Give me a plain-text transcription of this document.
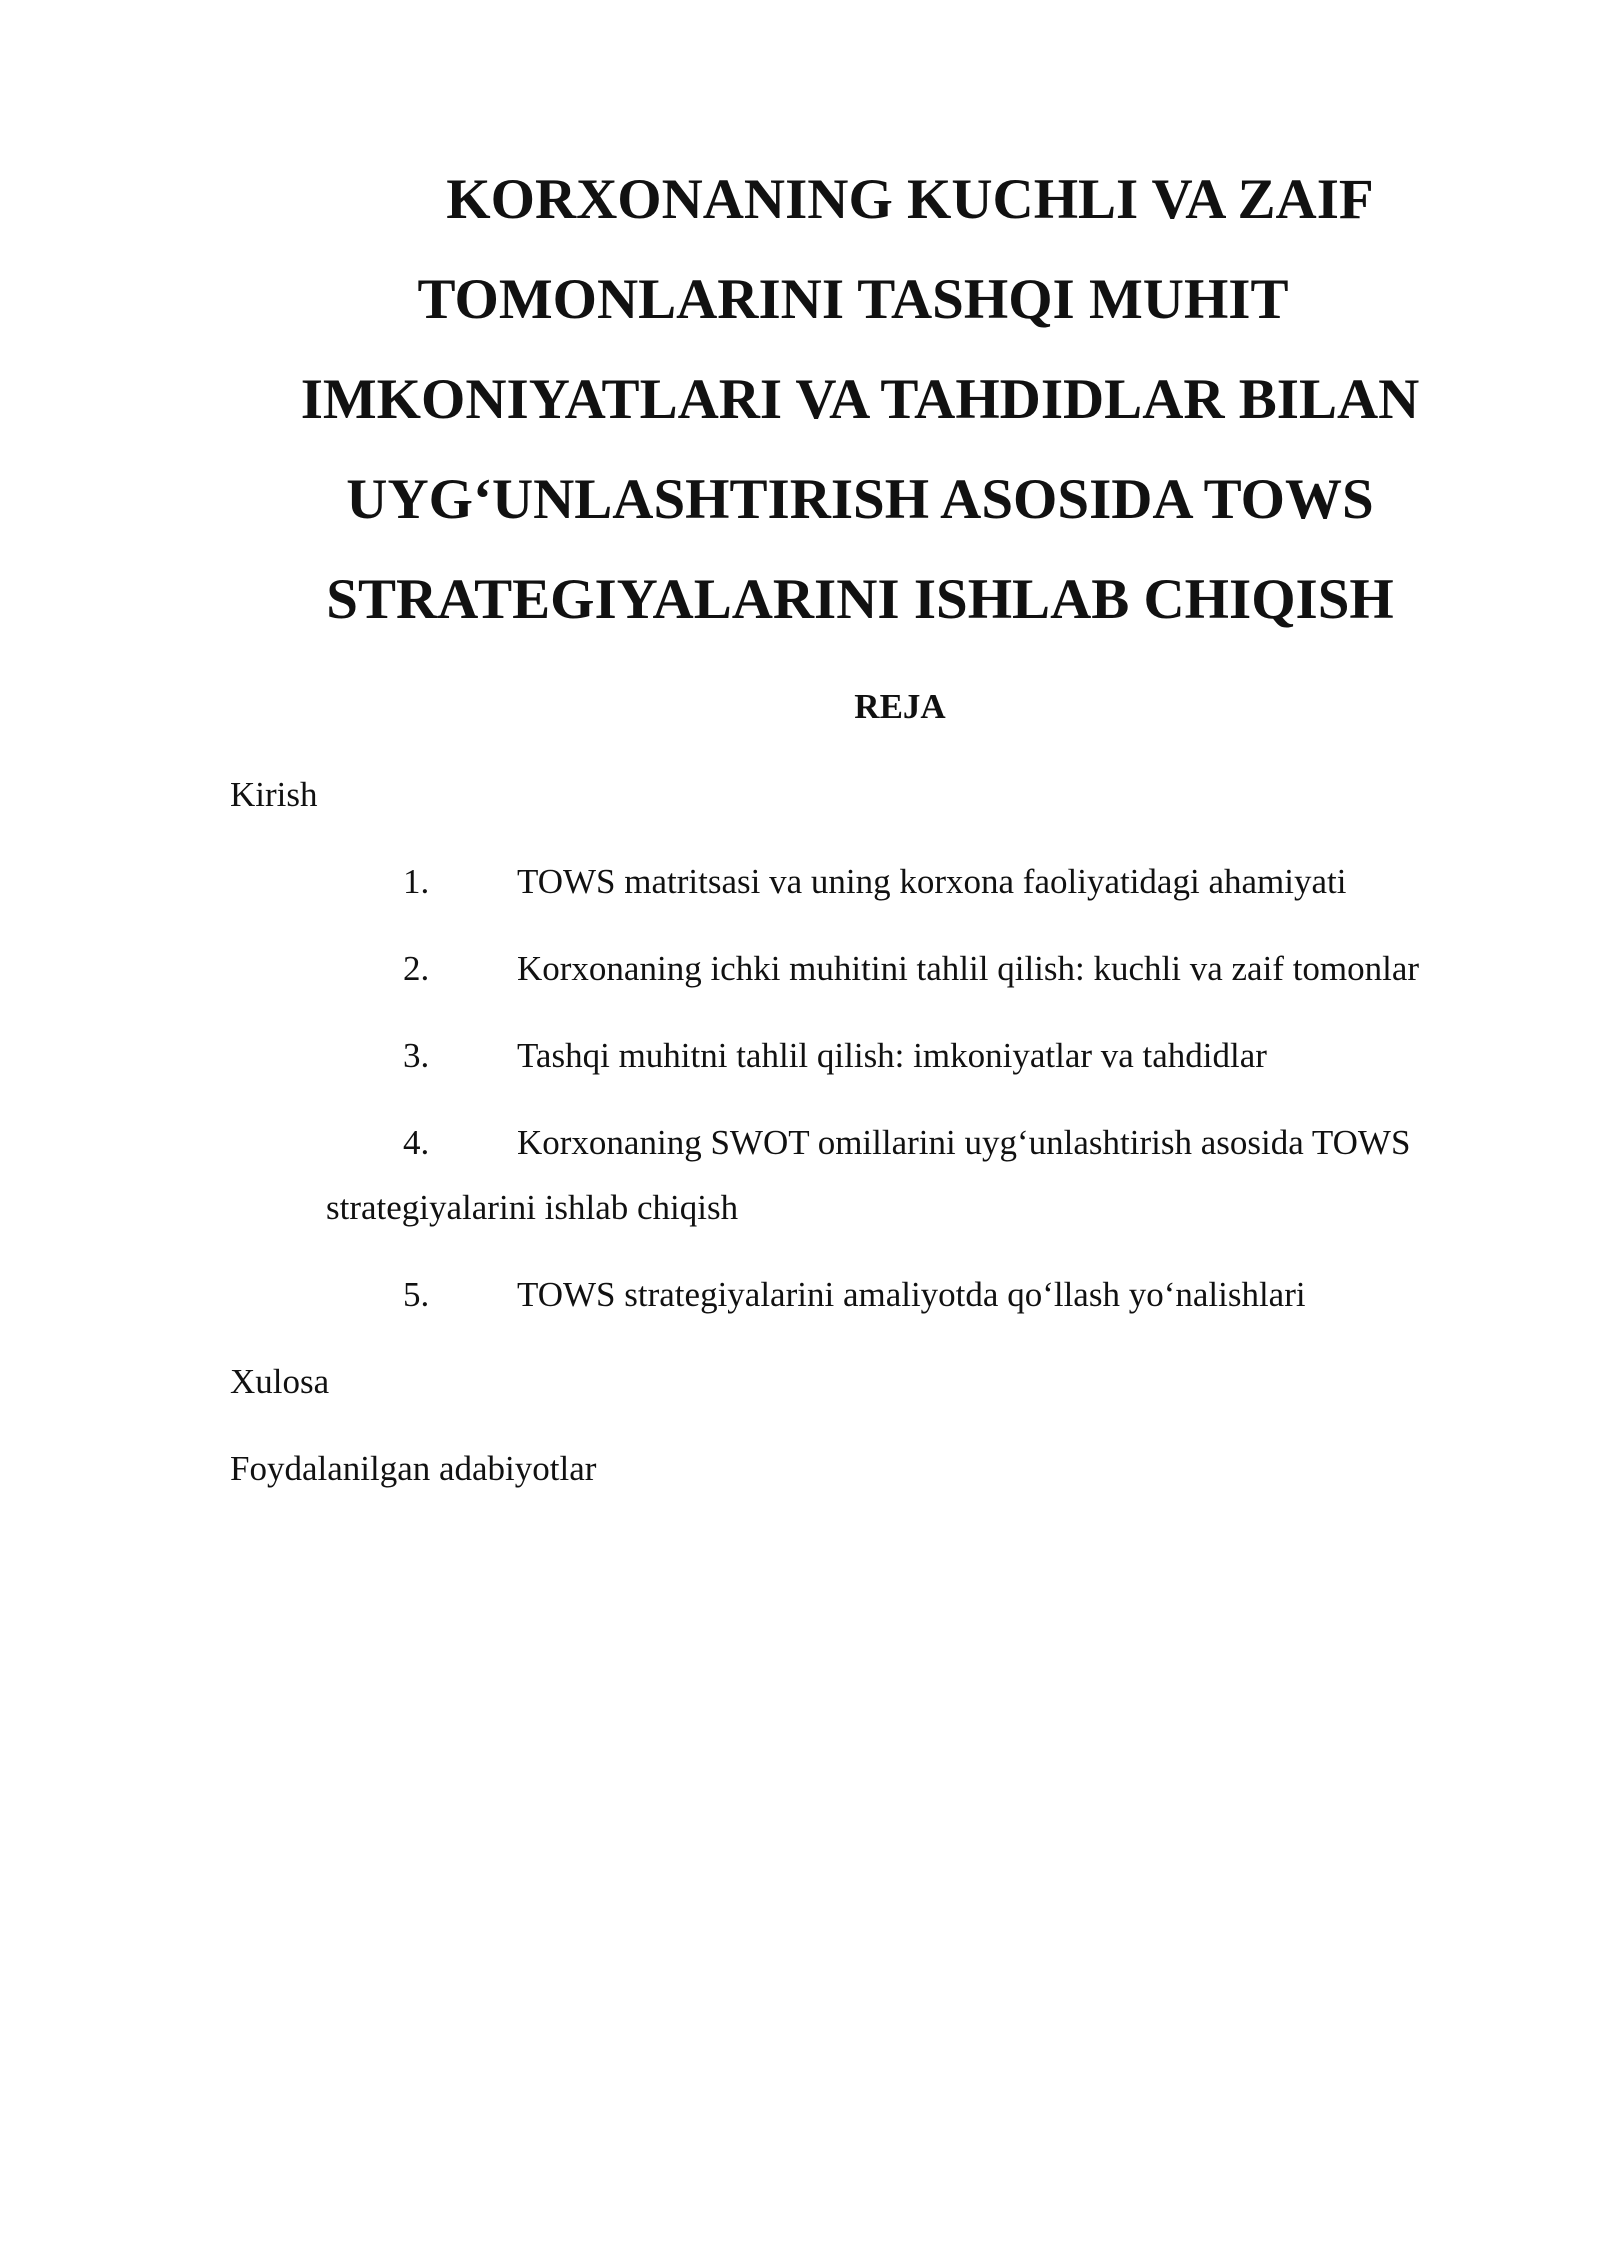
KORXONANING KUCHLI VA ZAIF
TOMONLARINI TASHQI MUHIT
IMKONIYATLARI VA TAHDIDLAR BILAN
UYG‘UNLASHTIRISH ASOSIDA TOWS
STRATEGIYALARINI ISHLAB CHIQISH
REJA
Kirish
1.	TOWS matritsasi va uning korxona faoliyatidagi ahamiyati
2.	Korxonaning ichki muhitini tahlil qilish: kuchli va zaif tomonlar
3.	Tashqi muhitni tahlil qilish: imkoniyatlar va tahdidlar
4.	Korxonaning SWOT omillarini uyg‘unlashtirish asosida TOWS
strategiyalarini ishlab chiqish
5.	TOWS strategiyalarini amaliyotda qo‘llash yo‘nalishlari
Xulosa
Foydalanilgan adabiyotlar
